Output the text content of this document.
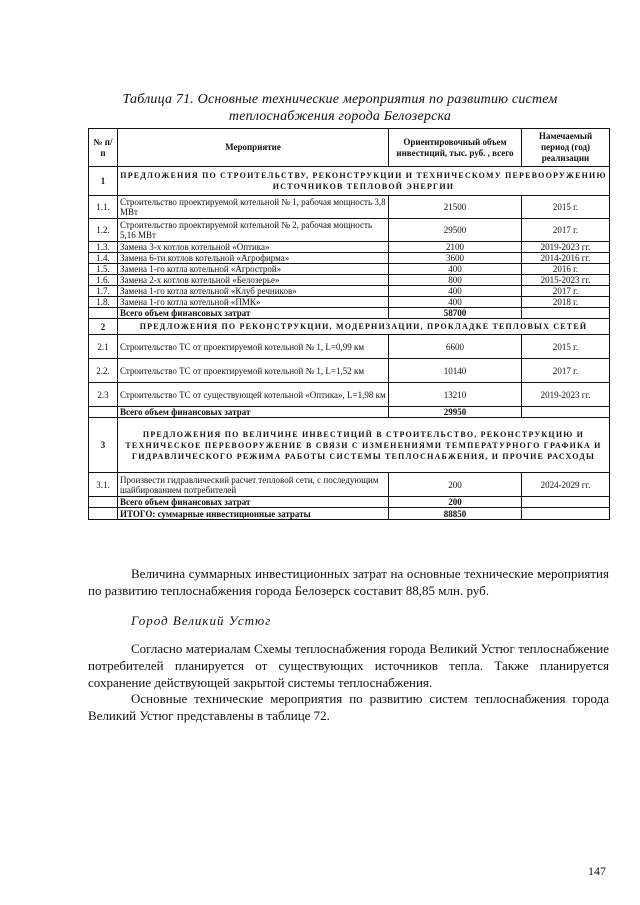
Таблица 71. Основные технические мероприятия по развитию систем
теплоснабжения города Белозерска
№ п/п	Мероприятие	Ориентировочный объем инвестиций, тыс. руб. , всего	Намечаемый период (год) реализации
1	ПРЕДЛОЖЕНИЯ ПО СТРОИТЕЛЬСТВУ, РЕКОНСТРУКЦИИ И ТЕХНИЧЕСКОМУ ПЕРЕВООРУЖЕНИЮ ИСТОЧНИКОВ ТЕПЛОВОЙ ЭНЕРГИИ		
1.1.	Строительство проектируемой котельной № 1, рабочая мощность 3,8 МВт	21500	2015 г.
1.2.	Строительство проектируемой котельной № 2, рабочая мощность 5,16 МВт	29500	2017 г.
1.3.	Замена 3-х котлов котельной «Оптика»	2100	2019-2023 гг.
1.4.	Замена 6-ти котлов котельной «Агрофирма»	3600	2014-2016 гг.
1.5.	Замена 1-го котла котельной «Агрострой»	400	2016 г.
1.6.	Замена 2-х котлов котельной «Белозерье»	800	2015-2023 гг.
1.7.	Замена 1-го котла котельной «Клуб речников»	400	2017 г.
1.8.	Замена 1-го котла котельной «ПМК»	400	2018 г.
	Всего объем финансовых затрат	58700	
2	ПРЕДЛОЖЕНИЯ ПО РЕКОНСТРУКЦИИ, МОДЕРНИЗАЦИИ, ПРОКЛАДКЕ ТЕПЛОВЫХ СЕТЕЙ		
2.1	Строительство ТС от проектируемой котельной № 1, L=0,99 км	6600	2015 г.
2.2.	Строительство ТС от проектируемой котельной № 1, L=1,52 км	10140	2017 г.
2.3	Строительство ТС от существующей котельной «Оптика», L=1,98 км	13210	2019-2023 гг.
	Всего объем финансовых затрат	29950	
3	ПРЕДЛОЖЕНИЯ ПО ВЕЛИЧИНЕ ИНВЕСТИЦИЙ В СТРОИТЕЛЬСТВО, РЕКОНСТРУКЦИЮ И ТЕХНИЧЕСКОЕ ПЕРЕВООРУЖЕНИЕ В СВЯЗИ С ИЗМЕНЕНИЯМИ ТЕМПЕРАТУРНОГО ГРАФИКА И ГИДРАВЛИЧЕСКОГО РЕЖИМА РАБОТЫ СИСТЕМЫ ТЕПЛОСНАБЖЕНИЯ, И ПРОЧИЕ РАСХОДЫ		
3.1.	Произвести гидравлический расчет тепловой сети, с последующим шайбированием потребителей	200	2024-2029 гг.
	Всего объем финансовых затрат	200	
	ИТОГО: суммарные инвестиционные затраты	88850	

Величина суммарных инвестиционных затрат на основные технические мероприятия по развитию теплоснабжения города Белозерск составит 88,85 млн. руб.

Город Великий Устюг

Согласно материалам Схемы теплоснабжения города Великий Устюг теплоснабжение потребителей планируется от существующих источников тепла. Также планируется сохранение действующей закрытой системы теплоснабжения.

Основные технические мероприятия по развитию систем теплоснабжения города Великий Устюг представлены в таблице 72.

147
